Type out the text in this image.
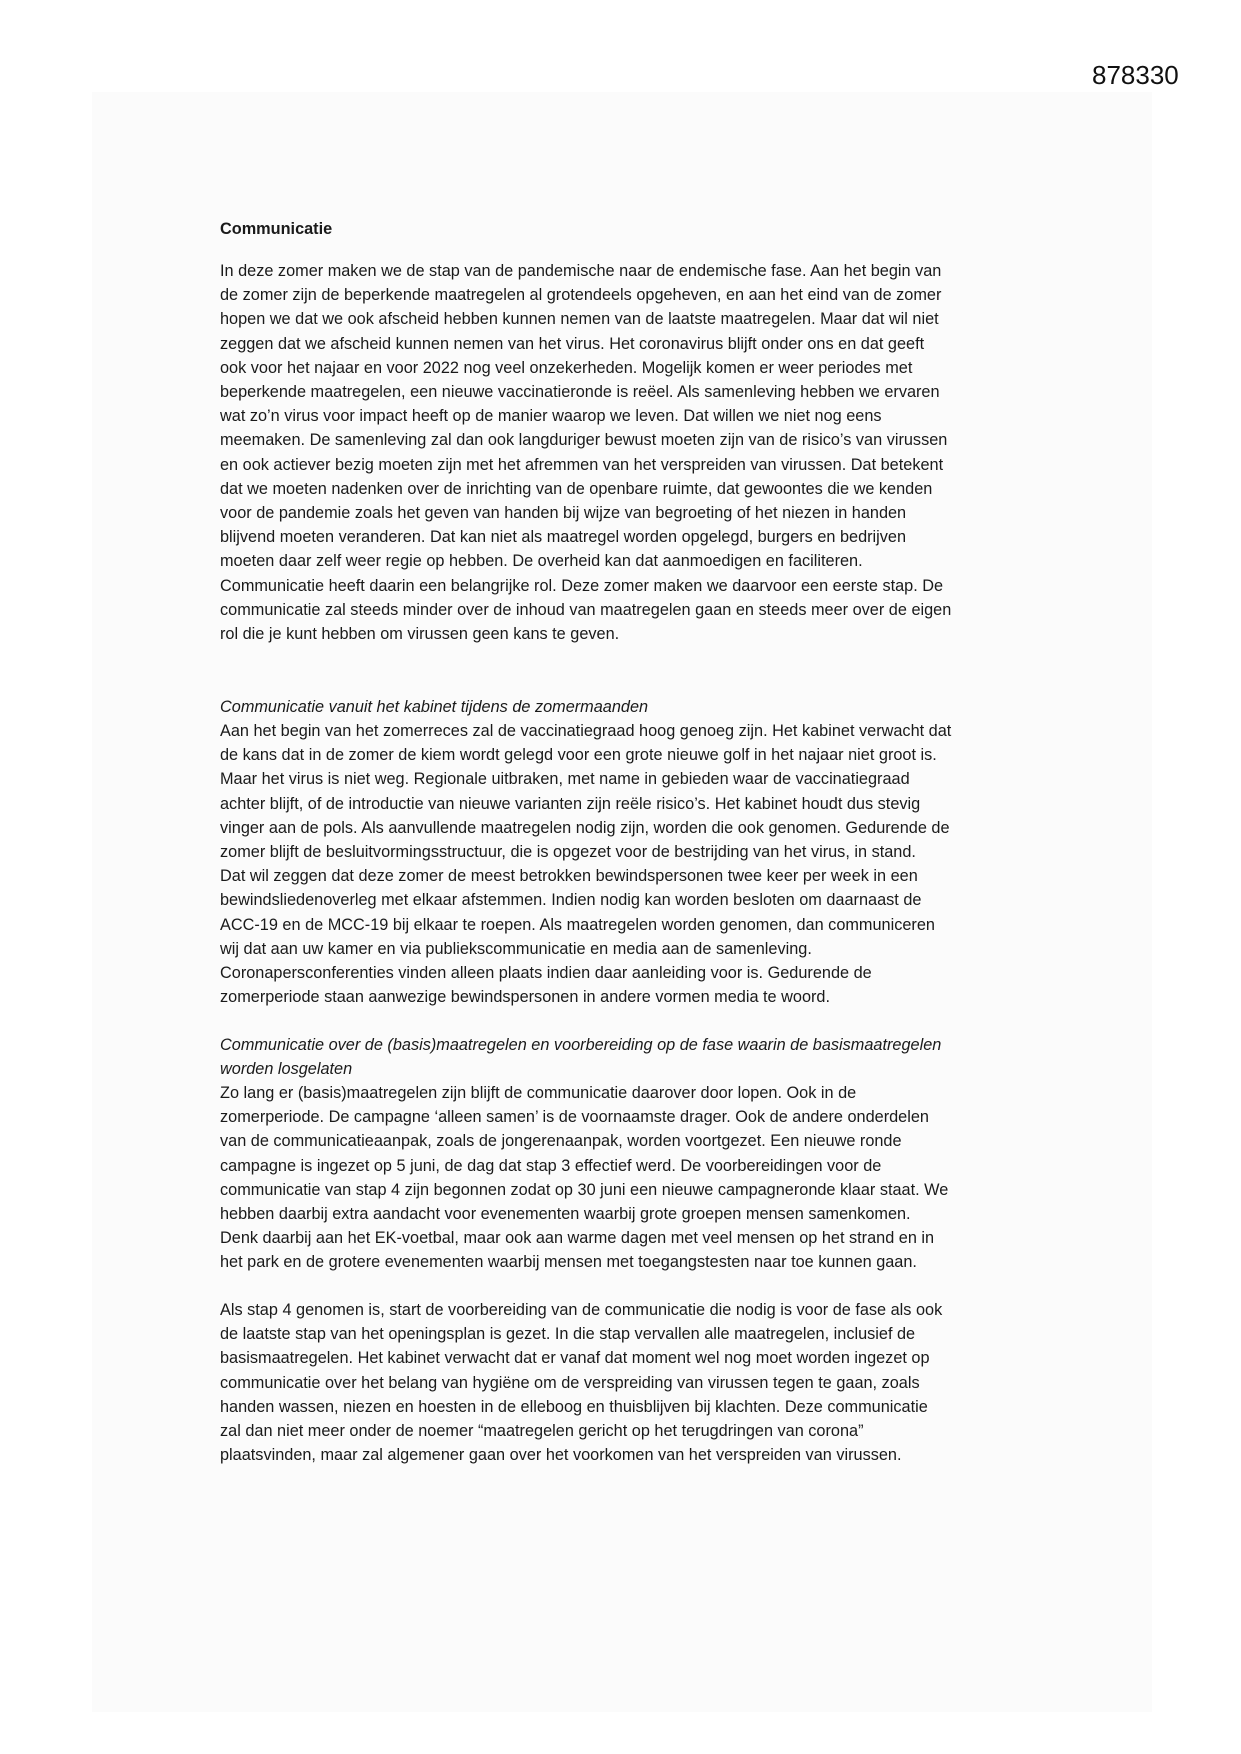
878330
Communicatie
In deze zomer maken we de stap van de pandemische naar de endemische fase. Aan het begin van
de zomer zijn de beperkende maatregelen al grotendeels opgeheven, en aan het eind van de zomer
hopen we dat we ook afscheid hebben kunnen nemen van de laatste maatregelen. Maar dat wil niet
zeggen dat we afscheid kunnen nemen van het virus. Het coronavirus blijft onder ons en dat geeft
ook voor het najaar en voor 2022 nog veel onzekerheden. Mogelijk komen er weer periodes met
beperkende maatregelen, een nieuwe vaccinatieronde is reëel. Als samenleving hebben we ervaren
wat zo’n virus voor impact heeft op de manier waarop we leven. Dat willen we niet nog eens
meemaken. De samenleving zal dan ook langduriger bewust moeten zijn van de risico’s van virussen
en ook actiever bezig moeten zijn met het afremmen van het verspreiden van virussen. Dat betekent
dat we moeten nadenken over de inrichting van de openbare ruimte, dat gewoontes die we kenden
voor de pandemie zoals het geven van handen bij wijze van begroeting of het niezen in handen
blijvend moeten veranderen. Dat kan niet als maatregel worden opgelegd, burgers en bedrijven
moeten daar zelf weer regie op hebben. De overheid kan dat aanmoedigen en faciliteren.
Communicatie heeft daarin een belangrijke rol. Deze zomer maken we daarvoor een eerste stap. De
communicatie zal steeds minder over de inhoud van maatregelen gaan en steeds meer over de eigen
rol die je kunt hebben om virussen geen kans te geven.
Communicatie vanuit het kabinet tijdens de zomermaanden
Aan het begin van het zomerreces zal de vaccinatiegraad hoog genoeg zijn. Het kabinet verwacht dat
de kans dat in de zomer de kiem wordt gelegd voor een grote nieuwe golf in het najaar niet groot is.
Maar het virus is niet weg. Regionale uitbraken, met name in gebieden waar de vaccinatiegraad
achter blijft, of de introductie van nieuwe varianten zijn reële risico’s. Het kabinet houdt dus stevig
vinger aan de pols. Als aanvullende maatregelen nodig zijn, worden die ook genomen. Gedurende de
zomer blijft de besluitvormingsstructuur, die is opgezet voor de bestrijding van het virus, in stand.
Dat wil zeggen dat deze zomer de meest betrokken bewindspersonen twee keer per week in een
bewindsliedenoverleg met elkaar afstemmen. Indien nodig kan worden besloten om daarnaast de
ACC-19 en de MCC-19 bij elkaar te roepen. Als maatregelen worden genomen, dan communiceren
wij dat aan uw kamer en via publiekscommunicatie en media aan de samenleving.
Coronapersconferenties vinden alleen plaats indien daar aanleiding voor is. Gedurende de
zomerperiode staan aanwezige bewindspersonen in andere vormen media te woord.
Communicatie over de (basis)maatregelen en voorbereiding op de fase waarin de basismaatregelen
worden losgelaten
Zo lang er (basis)maatregelen zijn blijft de communicatie daarover door lopen. Ook in de
zomerperiode. De campagne ‘alleen samen’ is de voornaamste drager. Ook de andere onderdelen
van de communicatieaanpak, zoals de jongerenaanpak, worden voortgezet. Een nieuwe ronde
campagne is ingezet op 5 juni, de dag dat stap 3 effectief werd. De voorbereidingen voor de
communicatie van stap 4 zijn begonnen zodat op 30 juni een nieuwe campagneronde klaar staat. We
hebben daarbij extra aandacht voor evenementen waarbij grote groepen mensen samenkomen.
Denk daarbij aan het EK-voetbal, maar ook aan warme dagen met veel mensen op het strand en in
het park en de grotere evenementen waarbij mensen met toegangstesten naar toe kunnen gaan.
Als stap 4 genomen is, start de voorbereiding van de communicatie die nodig is voor de fase als ook
de laatste stap van het openingsplan is gezet. In die stap vervallen alle maatregelen, inclusief de
basismaatregelen. Het kabinet verwacht dat er vanaf dat moment wel nog moet worden ingezet op
communicatie over het belang van hygiëne om de verspreiding van virussen tegen te gaan, zoals
handen wassen, niezen en hoesten in de elleboog en thuisblijven bij klachten. Deze communicatie
zal dan niet meer onder de noemer “maatregelen gericht op het terugdringen van corona”
plaatsvinden, maar zal algemener gaan over het voorkomen van het verspreiden van virussen.
